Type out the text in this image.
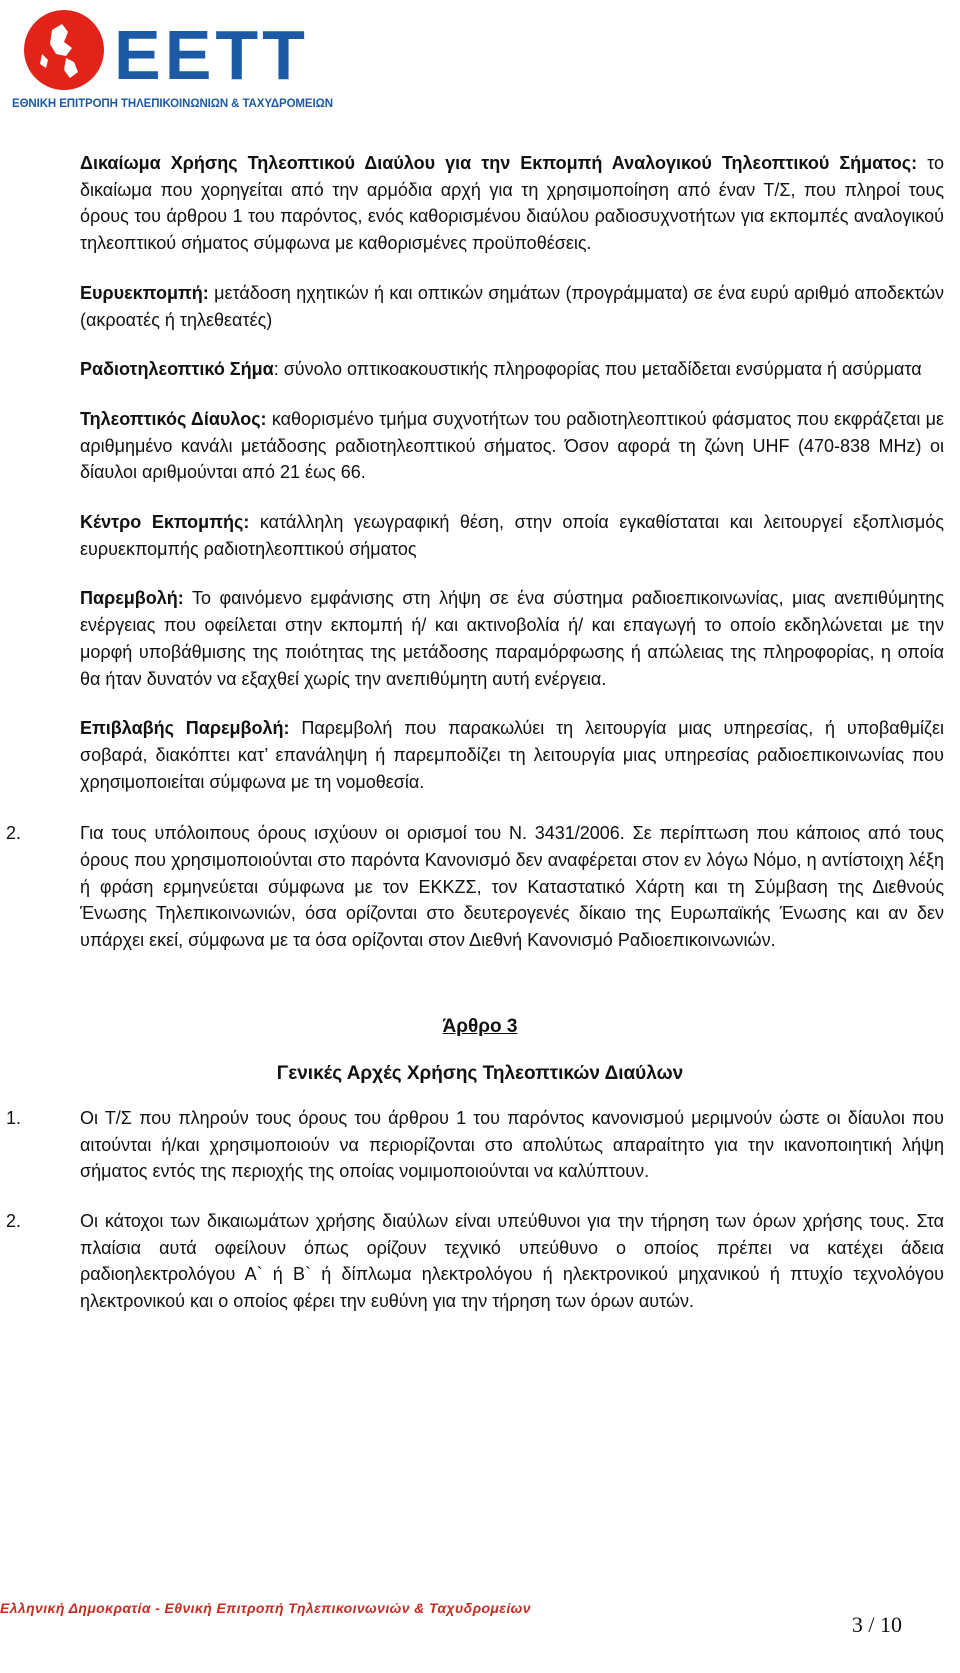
EETT
ΕΘΝΙΚΗ ΕΠΙΤΡΟΠΗ ΤΗΛΕΠΙΚΟΙΝΩΝΙΩΝ & ΤΑΧΥΔΡΟΜΕΙΩΝ

Δικαίωμα Χρήσης Τηλεοπτικού Διαύλου για την Εκπομπή Αναλογικού Τηλεοπτικού Σήματος: το δικαίωμα που χορηγείται από την αρμόδια αρχή για τη χρησιμοποίηση από έναν Τ/Σ, που πληροί τους όρους του άρθρου 1 του παρόντος, ενός καθορισμένου διαύλου ραδιοσυχνοτήτων για εκπομπές αναλογικού τηλεοπτικού σήματος σύμφωνα με καθορισμένες προϋποθέσεις.

Ευρυεκπομπή: μετάδοση ηχητικών ή και οπτικών σημάτων (προγράμματα) σε ένα ευρύ αριθμό αποδεκτών (ακροατές ή τηλεθεατές)

Ραδιοτηλεοπτικό Σήμα: σύνολο οπτικοακουστικής πληροφορίας που μεταδίδεται ενσύρματα ή ασύρματα

Τηλεοπτικός Δίαυλος: καθορισμένο τμήμα συχνοτήτων του ραδιοτηλεοπτικού φάσματος που εκφράζεται με αριθμημένο κανάλι μετάδοσης ραδιοτηλεοπτικού σήματος. Όσον αφορά τη ζώνη UHF (470-838 MHz) οι δίαυλοι αριθμούνται από 21 έως 66.

Κέντρο Εκπομπής: κατάλληλη γεωγραφική θέση, στην οποία εγκαθίσταται και λειτουργεί εξοπλισμός ευρυεκπομπής ραδιοτηλεοπτικού σήματος

Παρεμβολή: Το φαινόμενο εμφάνισης στη λήψη σε ένα σύστημα ραδιοεπικοινωνίας, μιας ανεπιθύμητης ενέργειας που οφείλεται στην εκπομπή ή/ και ακτινοβολία ή/ και επαγωγή το οποίο εκδηλώνεται με την μορφή υποβάθμισης της ποιότητας της μετάδοσης παραμόρφωσης ή απώλειας της πληροφορίας, η οποία θα ήταν δυνατόν να εξαχθεί χωρίς την ανεπιθύμητη αυτή ενέργεια.

Επιβλαβής Παρεμβολή: Παρεμβολή που παρακωλύει τη λειτουργία μιας υπηρεσίας, ή υποβαθμίζει σοβαρά, διακόπτει κατ’ επανάληψη ή παρεμποδίζει τη λειτουργία μιας υπηρεσίας ραδιοεπικοινωνίας που χρησιμοποιείται σύμφωνα με τη νομοθεσία.

2.	Για τους υπόλοιπους όρους ισχύουν οι ορισμοί του Ν. 3431/2006. Σε περίπτωση που κάποιος από τους όρους που χρησιμοποιούνται στο παρόντα Κανονισμό δεν αναφέρεται στον εν λόγω Νόμο, η αντίστοιχη λέξη ή φράση ερμηνεύεται σύμφωνα με τον ΕΚΚΖΣ, τον Καταστατικό Χάρτη και τη Σύμβαση της Διεθνούς Ένωσης Τηλεπικοινωνιών, όσα ορίζονται στο δευτερογενές δίκαιο της Ευρωπαϊκής Ένωσης και αν δεν υπάρχει εκεί, σύμφωνα με τα όσα ορίζονται στον Διεθνή Κανονισμό Ραδιοεπικοινωνιών.
Άρθρο 3
Γενικές Αρχές Χρήσης Τηλεοπτικών Διαύλων
1.	Οι Τ/Σ που πληρούν τους όρους του άρθρου 1 του παρόντος κανονισμού μεριμνούν ώστε οι δίαυλοι που αιτούνται ή/και χρησιμοποιούν να περιορίζονται στο απολύτως απαραίτητο για την ικανοποιητική λήψη σήματος εντός της περιοχής της οποίας νομιμοποιούνται να καλύπτουν.
2.	Οι κάτοχοι των δικαιωμάτων χρήσης διαύλων είναι υπεύθυνοι για την τήρηση των όρων χρήσης τους. Στα πλαίσια αυτά οφείλουν όπως ορίζουν τεχνικό υπεύθυνο ο οποίος πρέπει να κατέχει άδεια ραδιοηλεκτρολόγου Α` ή Β` ή δίπλωμα ηλεκτρολόγου ή ηλεκτρονικού μηχανικού ή πτυχίο τεχνολόγου ηλεκτρονικού και ο οποίος φέρει την ευθύνη για την τήρηση των όρων αυτών.
Ελληνική Δημοκρατία - Εθνική Επιτροπή Τηλεπικοινωνιών & Ταχυδρομείων
3 / 10
